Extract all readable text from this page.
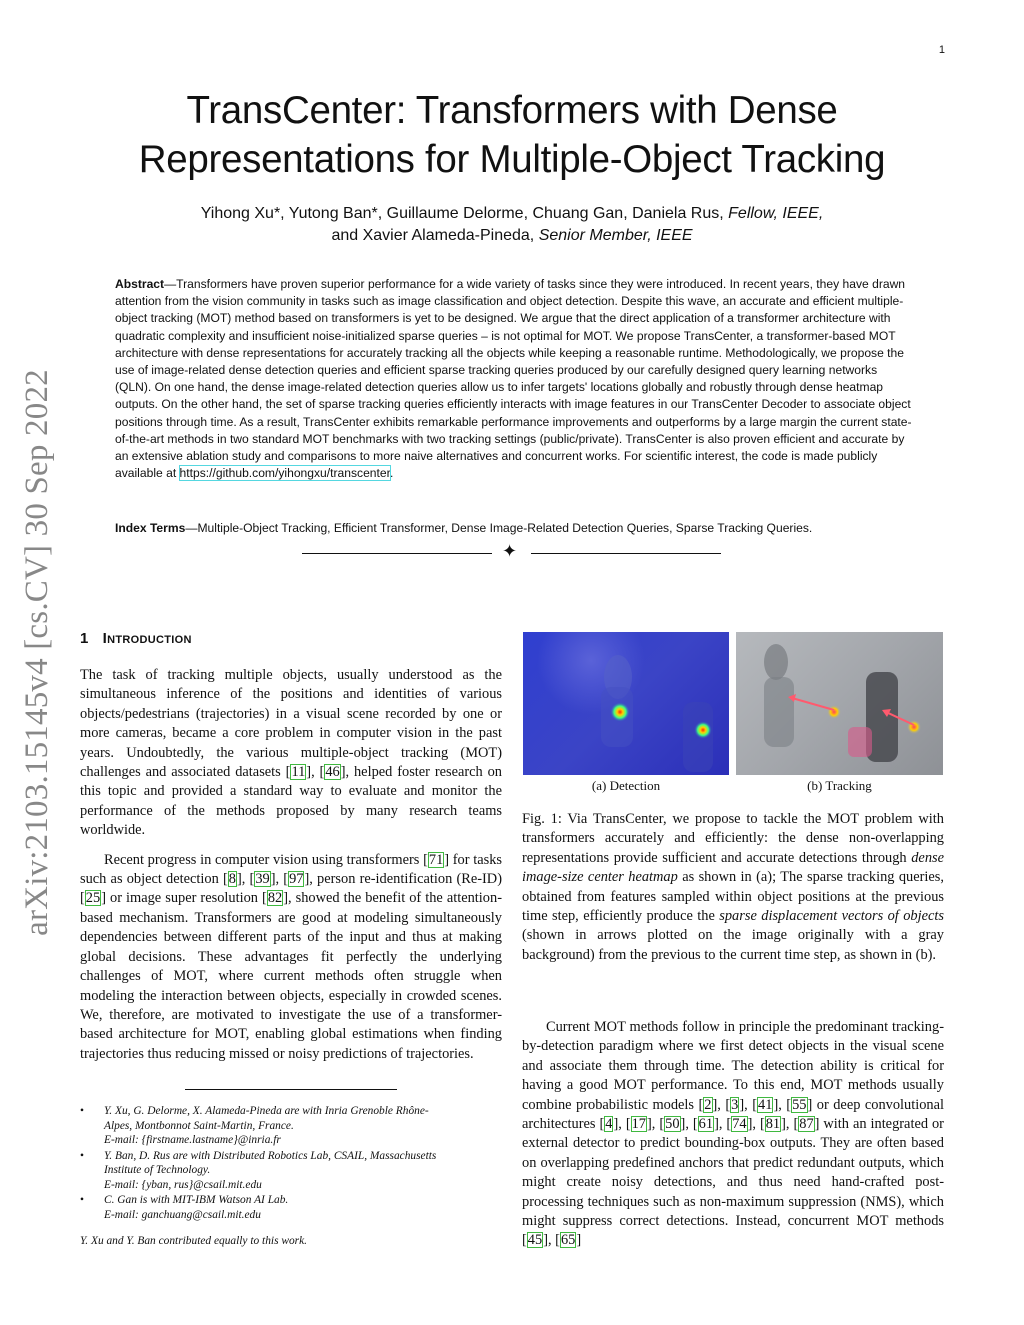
1
arXiv:2103.15145v4 [cs.CV] 30 Sep 2022
TransCenter: Transformers with Dense
Representations for Multiple-Object Tracking
Yihong Xu*, Yutong Ban*, Guillaume Delorme, Chuang Gan, Daniela Rus, Fellow, IEEE,
and Xavier Alameda-Pineda, Senior Member, IEEE
Abstract—Transformers have proven superior performance for a wide variety of tasks since they were introduced. In recent years, they have drawn attention from the vision community in tasks such as image classification and object detection. Despite this wave, an accurate and efficient multiple-object tracking (MOT) method based on transformers is yet to be designed. We argue that the direct application of a transformer architecture with quadratic complexity and insufficient noise-initialized sparse queries – is not optimal for MOT. We propose TransCenter, a transformer-based MOT architecture with dense representations for accurately tracking all the objects while keeping a reasonable runtime. Methodologically, we propose the use of image-related dense detection queries and efficient sparse tracking queries produced by our carefully designed query learning networks (QLN). On one hand, the dense image-related detection queries allow us to infer targets' locations globally and robustly through dense heatmap outputs. On the other hand, the set of sparse tracking queries efficiently interacts with image features in our TransCenter Decoder to associate object positions through time. As a result, TransCenter exhibits remarkable performance improvements and outperforms by a large margin the current state-of-the-art methods in two standard MOT benchmarks with two tracking settings (public/private). TransCenter is also proven efficient and accurate by an extensive ablation study and comparisons to more naive alternatives and concurrent works. For scientific interest, the code is made publicly available at https://github.com/yihongxu/transcenter.
Index Terms—Multiple-Object Tracking, Efficient Transformer, Dense Image-Related Detection Queries, Sparse Tracking Queries.
✦
1 Introduction

The task of tracking multiple objects, usually understood as the simultaneous inference of the positions and identities of various objects/pedestrians (trajectories) in a visual scene recorded by one or more cameras, became a core problem in computer vision in the past years. Undoubtedly, the various multiple-object tracking (MOT) challenges and associated datasets [11], [46], helped foster research on this topic and provided a standard way to evaluate and monitor the performance of the methods proposed by many research teams worldwide.

Recent progress in computer vision using transformers [71] for tasks such as object detection [8], [39], [97], person re-identification (Re-ID) [25] or image super resolution [82], showed the benefit of the attention-based mechanism. Transformers are good at modeling simultaneously dependencies between different parts of the input and thus at making global decisions. These advantages fit perfectly the underlying challenges of MOT, where current methods often struggle when modeling the interaction between objects, especially in crowded scenes. We, therefore, are motivated to investigate the use of a transformer-based architecture for MOT, enabling global estimations when finding trajectories thus reducing missed or noisy predictions of trajectories.

(a) Detection	(b) Tracking
Fig. 1: Via TransCenter, we propose to tackle the MOT problem with transformers accurately and efficiently: the dense non-overlapping representations provide sufficient and accurate detections through dense image-size center heatmap as shown in (a); The sparse tracking queries, obtained from features sampled within object positions at the previous time step, efficiently produce the sparse displacement vectors of objects (shown in arrows plotted on the image originally with a gray background) from the previous to the current time step, as shown in (b).

Current MOT methods follow in principle the predominant tracking-by-detection paradigm where we first detect objects in the visual scene and associate them through time. The detection ability is critical for having a good MOT performance. To this end, MOT methods usually combine probabilistic models [2], [3], [41], [55] or deep convolutional architectures [4], [17], [50], [61], [74], [81], [87] with an integrated or external detector to predict bounding-box outputs. They are often based on overlapping predefined anchors that predict redundant outputs, which might create noisy detections, and thus need hand-crafted post-processing techniques such as non-maximum suppression (NMS), which might suppress correct detections. Instead, concurrent MOT methods [45], [65]

• Y. Xu, G. Delorme, X. Alameda-Pineda are with Inria Grenoble Rhône-
Alpes, Montbonnot Saint-Martin, France.
E-mail: {firstname.lastname}@inria.fr
• Y. Ban, D. Rus are with Distributed Robotics Lab, CSAIL, Massachusetts
Institute of Technology.
E-mail: {yban, rus}@csail.mit.edu
• C. Gan is with MIT-IBM Watson AI Lab.
E-mail: ganchuang@csail.mit.edu
Y. Xu and Y. Ban contributed equally to this work.
